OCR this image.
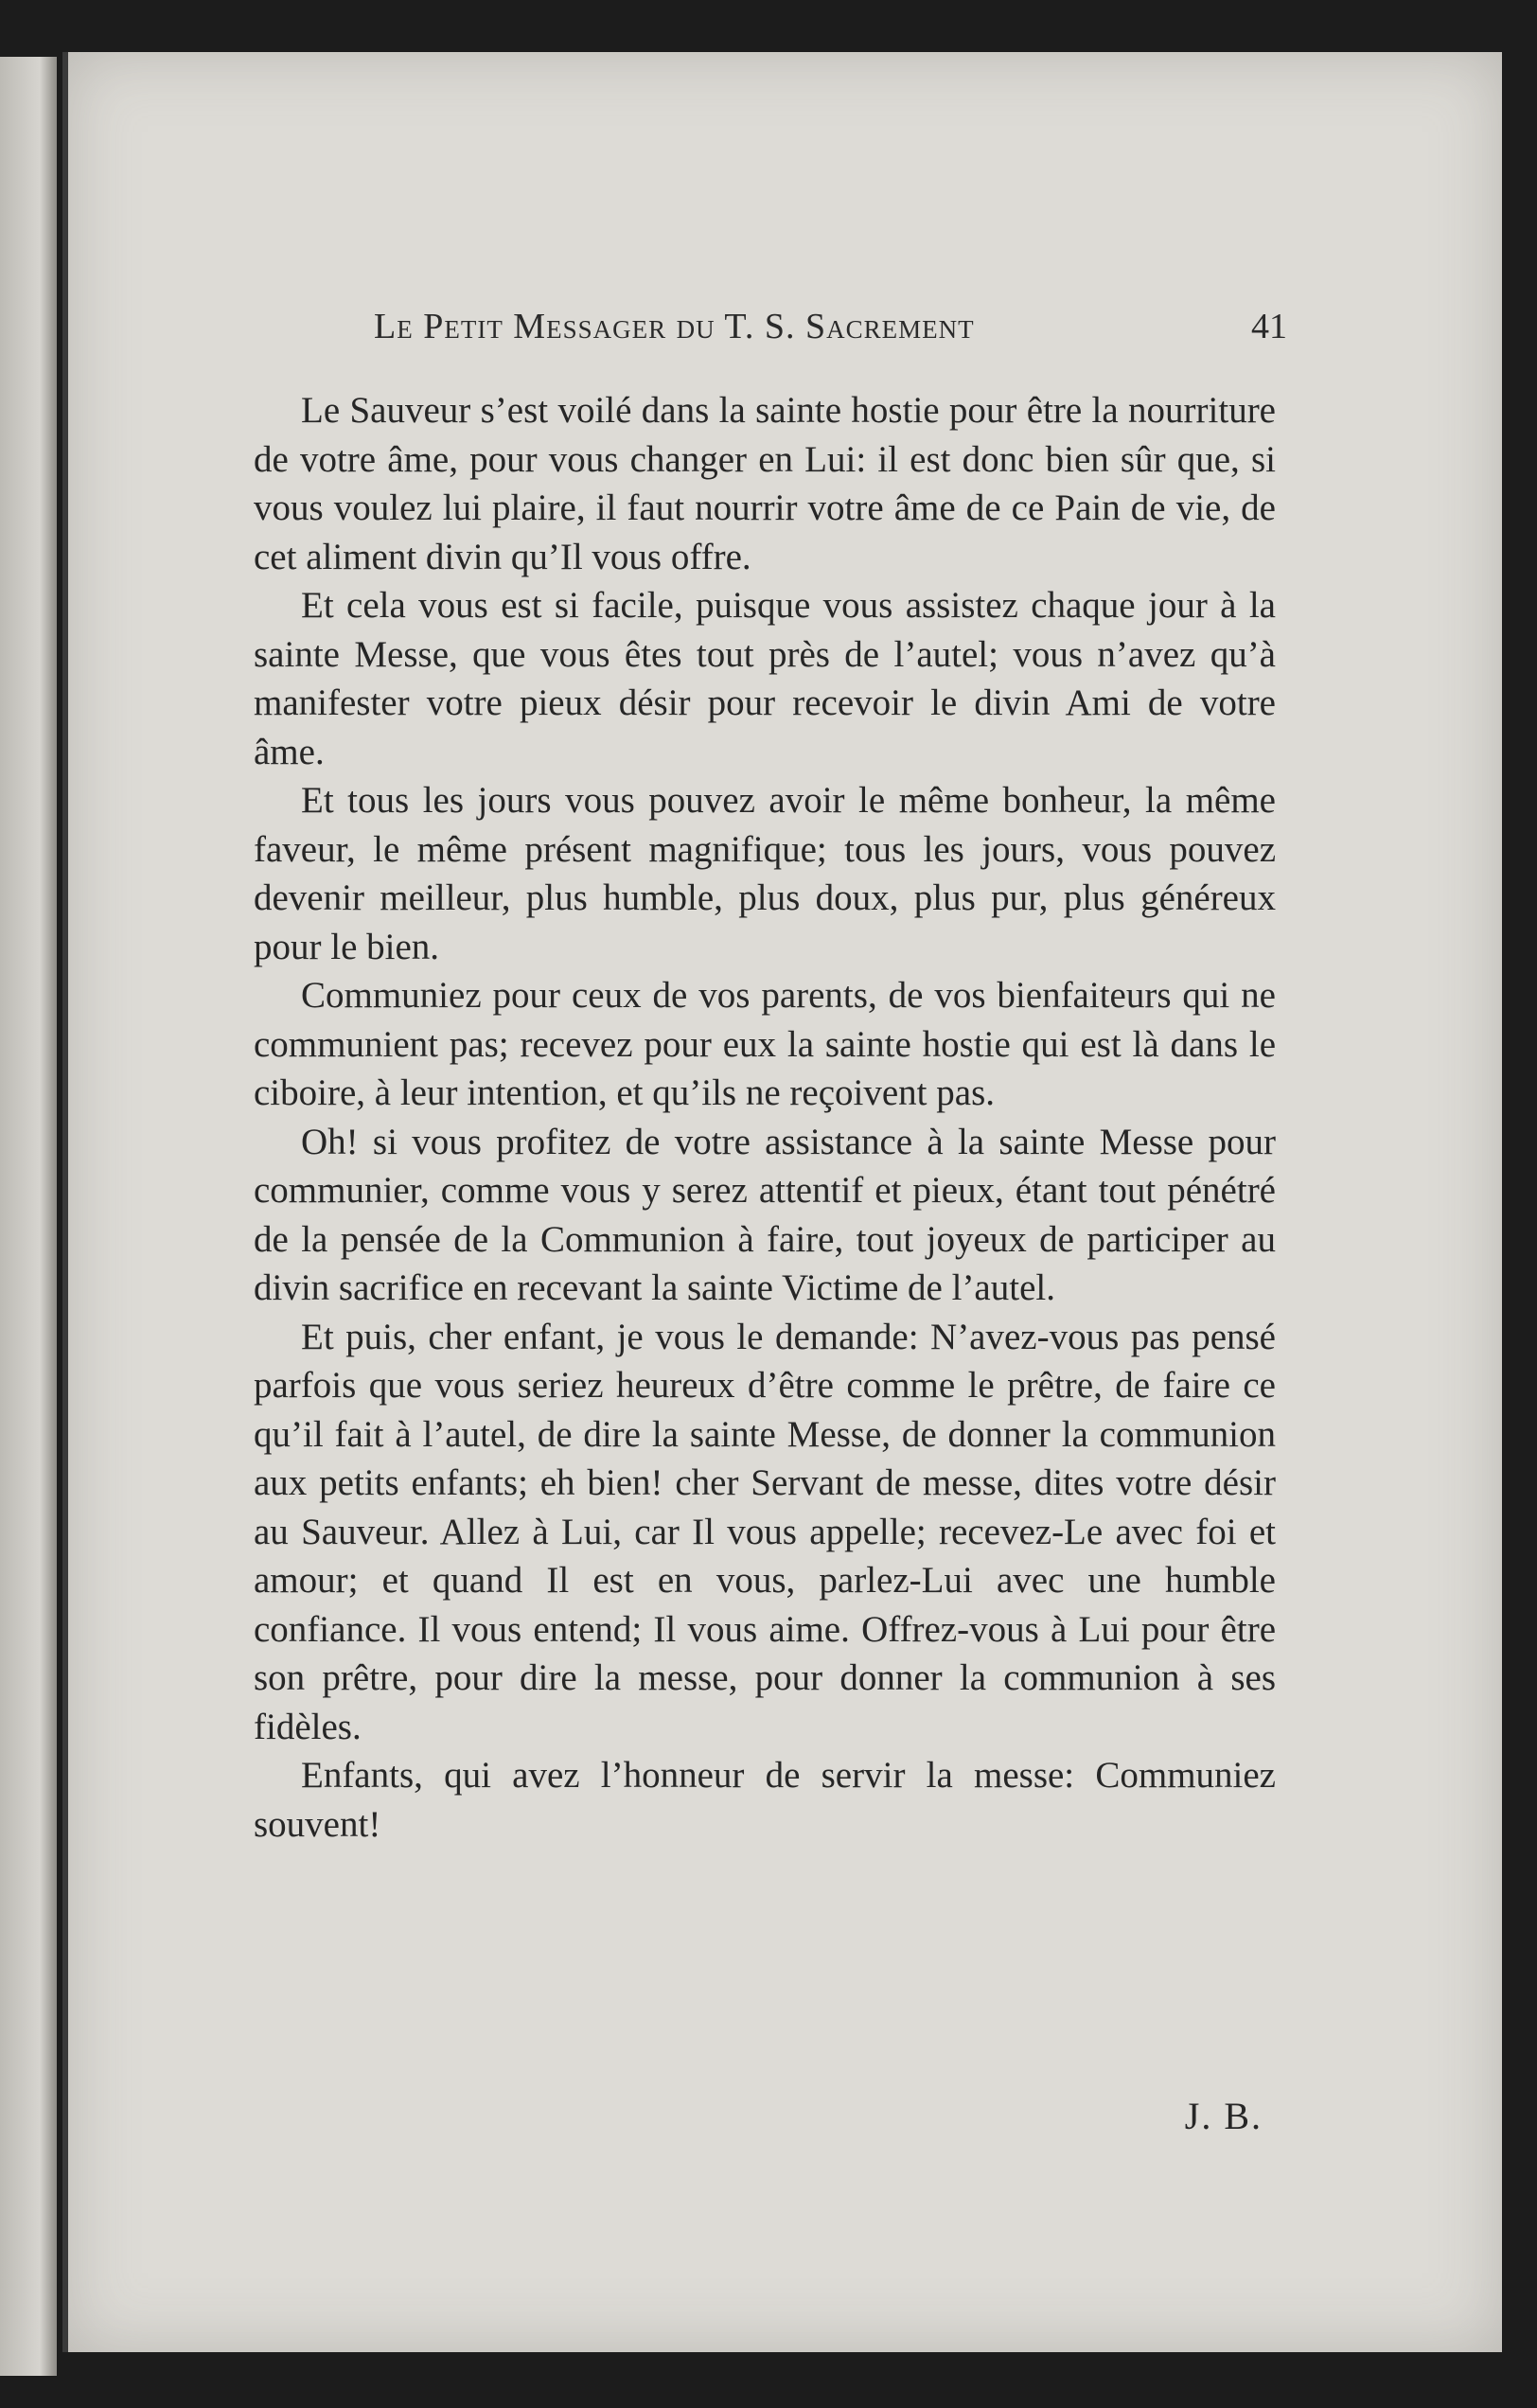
Le Petit Messager du T. S. Sacrement	41

Le Sauveur s’est voilé dans la sainte hostie pour être la nourriture de votre âme, pour vous changer en Lui: il est donc bien sûr que, si vous voulez lui plaire, il faut nourrir votre âme de ce Pain de vie, de cet aliment divin qu’Il vous offre.

Et cela vous est si facile, puisque vous assistez chaque jour à la sainte Messe, que vous êtes tout près de l’autel; vous n’avez qu’à manifester votre pieux désir pour recevoir le divin Ami de votre âme.

Et tous les jours vous pouvez avoir le même bonheur, la même faveur, le même présent magnifique; tous les jours, vous pouvez devenir meilleur, plus humble, plus doux, plus pur, plus généreux pour le bien.

Communiez pour ceux de vos parents, de vos bienfaiteurs qui ne communient pas; recevez pour eux la sainte hostie qui est là dans le ciboire, à leur intention, et qu’ils ne reçoivent pas.

Oh! si vous profitez de votre assistance à la sainte Messe pour communier, comme vous y serez attentif et pieux, étant tout pénétré de la pensée de la Communion à faire, tout joyeux de participer au divin sacrifice en recevant la sainte Victime de l’autel.

Et puis, cher enfant, je vous le demande: N’avez-vous pas pensé parfois que vous seriez heureux d’être comme le prêtre, de faire ce qu’il fait à l’autel, de dire la sainte Messe, de donner la communion aux petits enfants; eh bien! cher Servant de messe, dites votre désir au Sauveur. Allez à Lui, car Il vous appelle; recevez-Le avec foi et amour; et quand Il est en vous, parlez-Lui avec une humble confiance. Il vous entend; Il vous aime. Offrez-vous à Lui pour être son prêtre, pour dire la messe, pour donner la communion à ses fidèles.

Enfants, qui avez l’honneur de servir la messe: Communiez souvent!

J. B.
